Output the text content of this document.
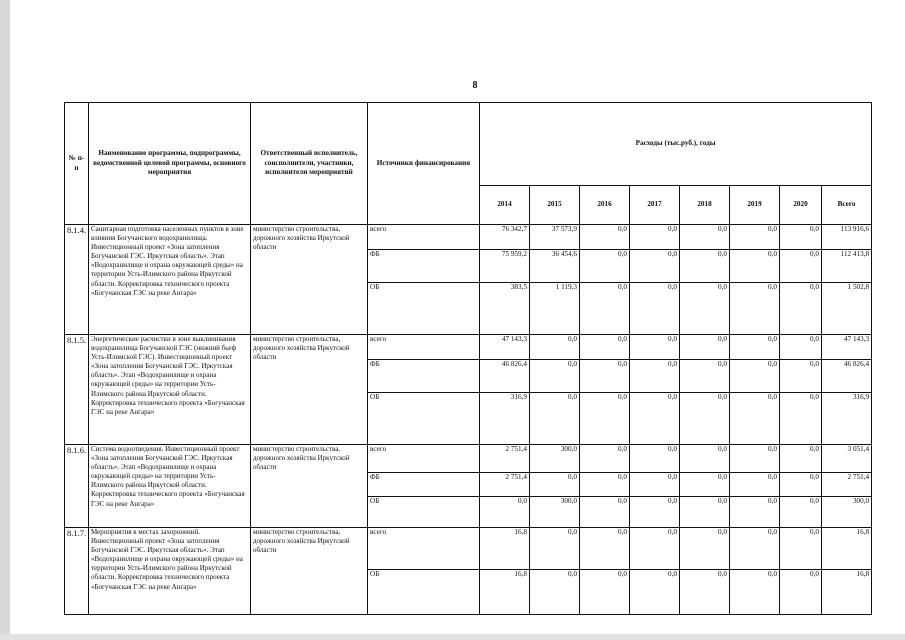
8
№ п-п	Наименование программы, подпрограммы, ведомственной целевой программы, основного мероприятия	Ответственный исполнитель, соисполнители, участники, исполнители мероприятий	Источники финансирования	Расходы (тыс.руб.), годы							
				2014	2015	2016	2017	2018	2019	2020	Всего
8.1.4.	Санитарная подготовка населенных пунктов в зоне влияния Богучанского водохранилища. Инвестиционный проект «Зона затопления Богучанской ГЭС. Иркутская область». Этап «Водохранилище и охрана окружающей среды» на территории Усть-Илимского района Иркутской области. Корректировка технического проекта «Богучанская ГЭС на реке Ангара»	министерство строительства, дорожного хозяйства Иркутской области	всего	76 342,7	37 573,9	0,0	0,0	0,0	0,0	0,0	113 916,6
			ФБ	75 959,2	36 454,6	0,0	0,0	0,0	0,0	0,0	112 413,8
			ОБ	383,5	1 119,3	0,0	0,0	0,0	0,0	0,0	1 502,8
8.1.5.	Энергетические расчистки в зоне выклинивания водохранилища Богучанской ГЭС (нижний бьеф Усть-Илимской ГЭС). Инвестиционный проект «Зона затопления Богучанской ГЭС. Иркутская область». Этап «Водохранилище и охрана окружающей среды» на территории Усть-Илимского района Иркутской области. Корректировка технического проекта «Богучанская ГЭС на реке Ангара»	министерство строительства, дорожного хозяйства Иркутской области	всего	47 143,3	0,0	0,0	0,0	0,0	0,0	0,0	47 143,3
			ФБ	46 826,4	0,0	0,0	0,0	0,0	0,0	0,0	46 826,4
			ОБ	316,9	0,0	0,0	0,0	0,0	0,0	0,0	316,9
8.1.6.	Система водоотведения. Инвестиционный проект «Зона затопления Богучанской ГЭС. Иркутская область». Этап «Водохранилище и охрана окружающей среды» на территории Усть-Илимского района Иркутской области. Корректировка технического проекта «Богучанская ГЭС на реке Ангара»	министерство строительства, дорожного хозяйства Иркутской области	всего	2 751,4	300,0	0,0	0,0	0,0	0,0	0,0	3 051,4
			ФБ	2 751,4	0,0	0,0	0,0	0,0	0,0	0,0	2 751,4
			ОБ	0,0	300,0	0,0	0,0	0,0	0,0	0,0	300,0
8.1.7.	Мероприятия в местах захоронений. Инвестиционный проект «Зона затопления Богучанской ГЭС. Иркутская область». Этап «Водохранилище и охрана окружающей среды» на территории Усть-Илимского района Иркутской области. Корректировка технического проекта «Богучанская ГЭС на реке Ангара»	министерство строительства, дорожного хозяйства Иркутской области	всего	16,8	0,0	0,0	0,0	0,0	0,0	0,0	16,8
			ОБ	16,8	0,0	0,0	0,0	0,0	0,0	0,0	16,8
